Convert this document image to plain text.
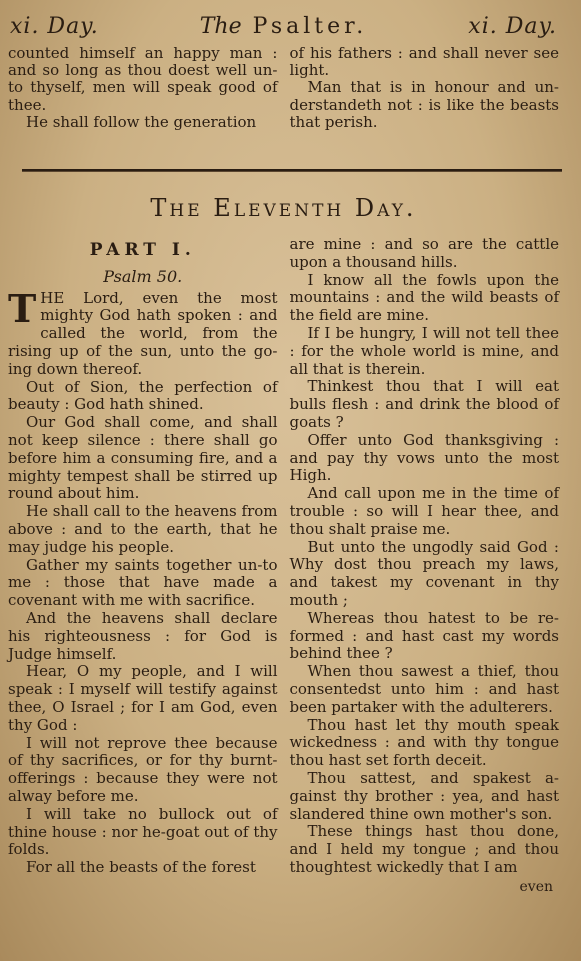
xi. Day.	The Psalter.	xi. Day.

counted himself an happy man : and so long as thou doest well un-to thyself, men will speak good of thee.

He shall follow the generation

of his fathers : and shall never see light.

Man that is in honour and un-derstandeth not : is like the beasts that perish.

The Eleventh Day.
PART I.
Psalm 50.

THE Lord, even the most mighty God hath spoken : and called the world, from the rising up of the sun, unto the go-ing down thereof.

Out of Sion, the perfection of beauty : God hath shined.

Our God shall come, and shall not keep silence : there shall go before him a consuming fire, and a mighty tempest shall be stirred up round about him.

He shall call to the heavens from above : and to the earth, that he may judge his people.

Gather my saints together un-to me : those that have made a covenant with me with sacrifice.

And the heavens shall declare his righteousness : for God is Judge himself.

Hear, O my people, and I will speak : I myself will testify against thee, O Israel ; for I am God, even thy God :

I will not reprove thee because of thy sacrifices, or for thy burnt-offerings : because they were not alway before me.

I will take no bullock out of thine house : nor he-goat out of thy folds.

For all the beasts of the forest

are mine : and so are the cattle upon a thousand hills.

I know all the fowls upon the mountains : and the wild beasts of the field are mine.

If I be hungry, I will not tell thee : for the whole world is mine, and all that is therein.

Thinkest thou that I will eat bulls flesh : and drink the blood of goats ?

Offer unto God thanksgiving : and pay thy vows unto the most High.

And call upon me in the time of trouble : so will I hear thee, and thou shalt praise me.

But unto the ungodly said God : Why dost thou preach my laws, and takest my covenant in thy mouth ;

Whereas thou hatest to be re-formed : and hast cast my words behind thee ?

When thou sawest a thief, thou consentedst unto him : and hast been partaker with the adulterers.

Thou hast let thy mouth speak wickedness : and with thy tongue thou hast set forth deceit.

Thou sattest, and spakest a-gainst thy brother : yea, and hast slandered thine own mother's son.

These things hast thou done, and I held my tongue ; and thou thoughtest wickedly that I am

even
